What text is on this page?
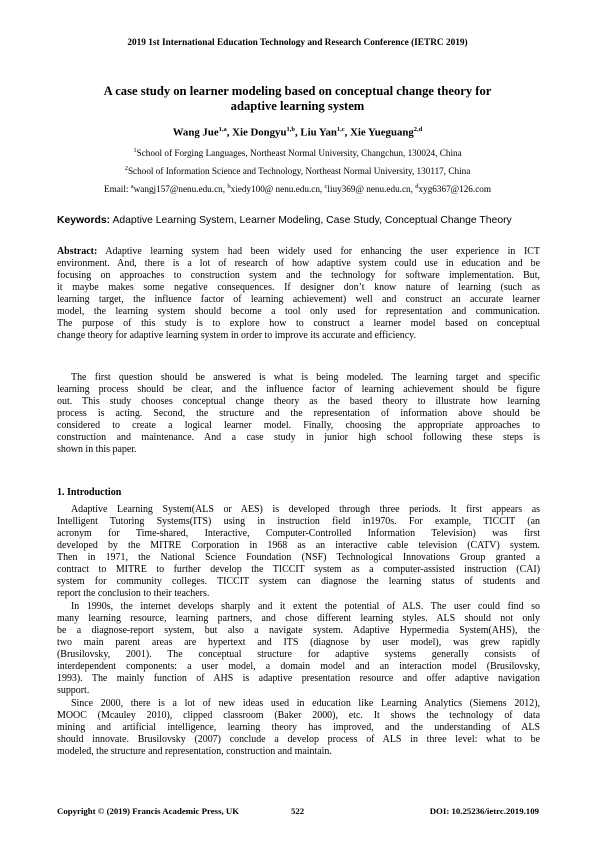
2019 1st International Education Technology and Research Conference (IETRC 2019)
A case study on learner modeling based on conceptual change theory for
adaptive learning system
Wang Jue$^{1,a}$, Xie Dongyu$^{1,b}$, Liu Yan$^{1,c}$, Xie Yueguang$^{2,d}$
$^1$School of Forging Languages, Northeast Normal University, Changchun, 130024, China
$^2$School of Information Science and Technology, Northeast Normal University, 130117, China
Email: $^a$wangj157@nenu.edu.cn, $^b$xiedy100@ nenu.edu.cn, $^c$liuy369@ nenu.edu.cn, $^d$xyg6367@126.com
Keywords: Adaptive Learning System, Learner Modeling, Case Study, Conceptual Change Theory
Abstract: Adaptive learning system had been widely used for enhancing the user experience in ICT
environment. And, there is a lot of research of how adaptive system could use in education and be
focusing on approaches to construction system and the technology for software implementation. But,
it maybe makes some negative consequences. If designer don’t know nature of learning (such as
learning target, the influence factor of learning achievement) well and construct an accurate learner
model, the learning system should become a tool only used for representation and communication.
The purpose of this study is to explore how to construct a learner model based on conceptual
change theory for adaptive learning system in order to improve its accurate and efficiency.
The first question should be answered is what is being modeled. The learning target and specific
learning process should be clear, and the influence factor of learning achievement should be figure
out. This study chooses conceptual change theory as the based theory to illustrate how learning
process is acting. Second, the structure and the representation of information above should be
considered to create a logical learner model. Finally, choosing the appropriate approaches to
construction and maintenance. And a case study in junior high school following these steps is
shown in this paper.
1. Introduction
Adaptive Learning System(ALS or AES) is developed through three periods. It first appears as
Intelligent Tutoring Systems(ITS) using in instruction field in1970s. For example, TICCIT (an
acronym for Time-shared, Interactive, Computer-Controlled Information Television) was first
developed by the MITRE Corporation in 1968 as an interactive cable television (CATV) system.
Then in 1971, the National Science Foundation (NSF) Technological Innovations Group granted a
contract to MITRE to further develop the TICCIT system as a computer-assisted instruction (CAI)
system for community colleges. TICCIT system can diagnose the learning status of students and
report the conclusion to their teachers.
In 1990s, the internet develops sharply and it extent the potential of ALS. The user could find so
many learning resource, learning partners, and chose different learning styles. ALS should not only
be a diagnose-report system, but also a navigate system. Adaptive Hypermedia System(AHS), the
two main parent areas are hypertext and ITS (diagnose by user model), was grew rapidly
(Brusilovsky, 2001). The conceptual structure for adaptive systems generally consists of
interdependent components: a user model, a domain model and an interaction model (Brusilovsky,
1993). The mainly function of AHS is adaptive presentation resource and offer adaptive navigation
support.
Since 2000, there is a lot of new ideas used in education like Learning Analytics (Siemens 2012),
MOOC (Mcauley 2010), clipped classroom (Baker 2000), etc. It shows the technology of data
mining and artificial intelligence, learning theory has improved, and the understanding of ALS
should innovate. Brusilovsky (2007) conclude a develop process of ALS in three level: what to be
modeled, the structure and representation, construction and maintain.
Copyright © (2019) Francis Academic Press, UK	522	DOI: 10.25236/ietrc.2019.109
